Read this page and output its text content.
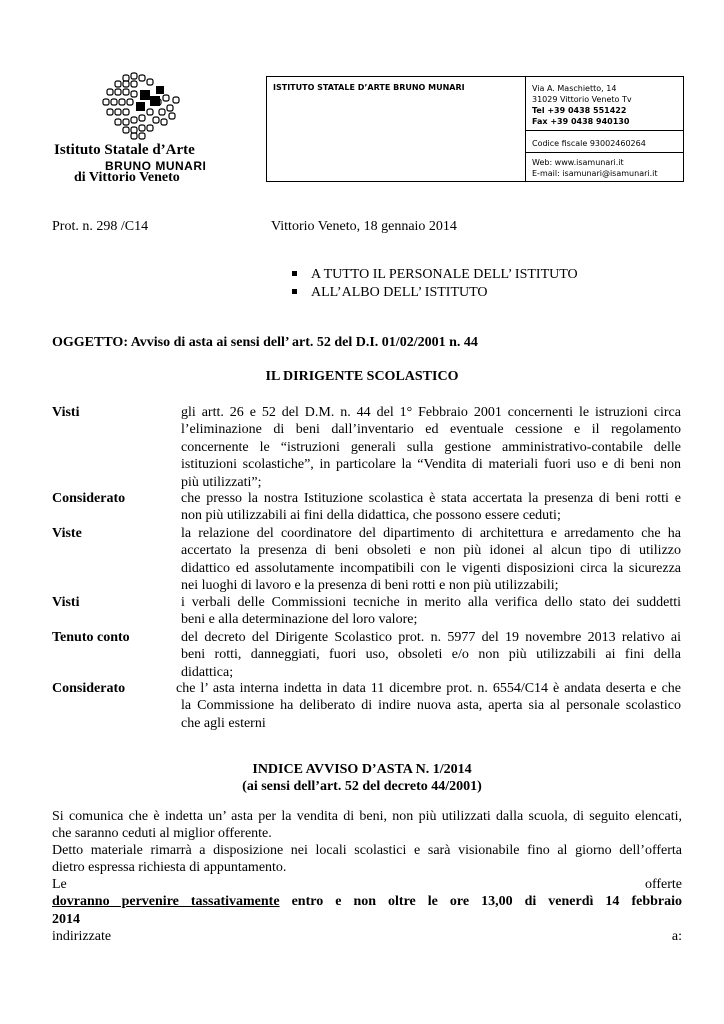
Istituto Statale d’Arte
BRUNO MUNARI
di Vittorio Veneto
ISTITUTO STATALE D’ARTE BRUNO MUNARI	Via A. Maschietto, 14
31029 Vittorio Veneto Tv
Tel +39 0438 551422
Fax +39 0438 940130
Codice fiscale 93002460264
Web: www.isamunari.it
E-mail: isamunari@isamunari.it
Prot. n. 298 /C14	Vittorio Veneto, 18 gennaio 2014
A TUTTO IL PERSONALE DELL’ ISTITUTO
ALL’ALBO DELL’ ISTITUTO
OGGETTO: Avviso di asta ai sensi dell’ art. 52 del D.I. 01/02/2001 n. 44
IL DIRIGENTE SCOLASTICO
Visti	gli artt. 26 e 52 del D.M. n. 44 del 1° Febbraio 2001 concernenti le istruzioni circa
l’eliminazione di beni dall’inventario ed eventuale cessione e il regolamento
concernente le “istruzioni generali sulla gestione amministrativo-contabile delle
istituzioni scolastiche”, in particolare la “Vendita di materiali fuori uso e di beni non
più utilizzati”;
Considerato	che presso la nostra Istituzione scolastica è stata accertata la presenza di beni rotti e
non più utilizzabili ai fini della didattica, che possono essere ceduti;
Viste	la relazione del coordinatore del dipartimento di architettura e arredamento che ha
accertato la presenza di beni obsoleti e non più idonei al alcun tipo di utilizzo
didattico ed assolutamente incompatibili con le vigenti disposizioni circa la sicurezza
nei luoghi di lavoro e la presenza di beni rotti e non più utilizzabili;
Visti	i verbali delle Commissioni tecniche in merito alla verifica dello stato dei suddetti
beni e alla determinazione del loro valore;
Tenuto conto	del decreto del Dirigente Scolastico prot. n. 5977 del 19 novembre 2013 relativo ai
beni rotti, danneggiati, fuori uso, obsoleti e/o non più utilizzabili ai fini della
didattica;
Considerato	che l’ asta interna indetta in data 11 dicembre prot. n. 6554/C14 è andata deserta e che
la Commissione ha deliberato di indire nuova asta, aperta sia al personale scolastico
che agli esterni
INDICE AVVISO D’ASTA N. 1/2014
(ai sensi dell’art. 52 del decreto 44/2001)
Si comunica che è indetta un’ asta per la vendita di beni, non più utilizzati dalla scuola, di seguito elencati,
che saranno ceduti al miglior offerente.
Detto materiale rimarrà a disposizione nei locali scolastici e sarà visionabile fino al giorno dell’offerta
dietro espressa richiesta di appuntamento.
Le offerte
dovranno pervenire tassativamente entro e non oltre le ore 13,00 di venerdì 14 febbraio
2014
indirizzate a:
